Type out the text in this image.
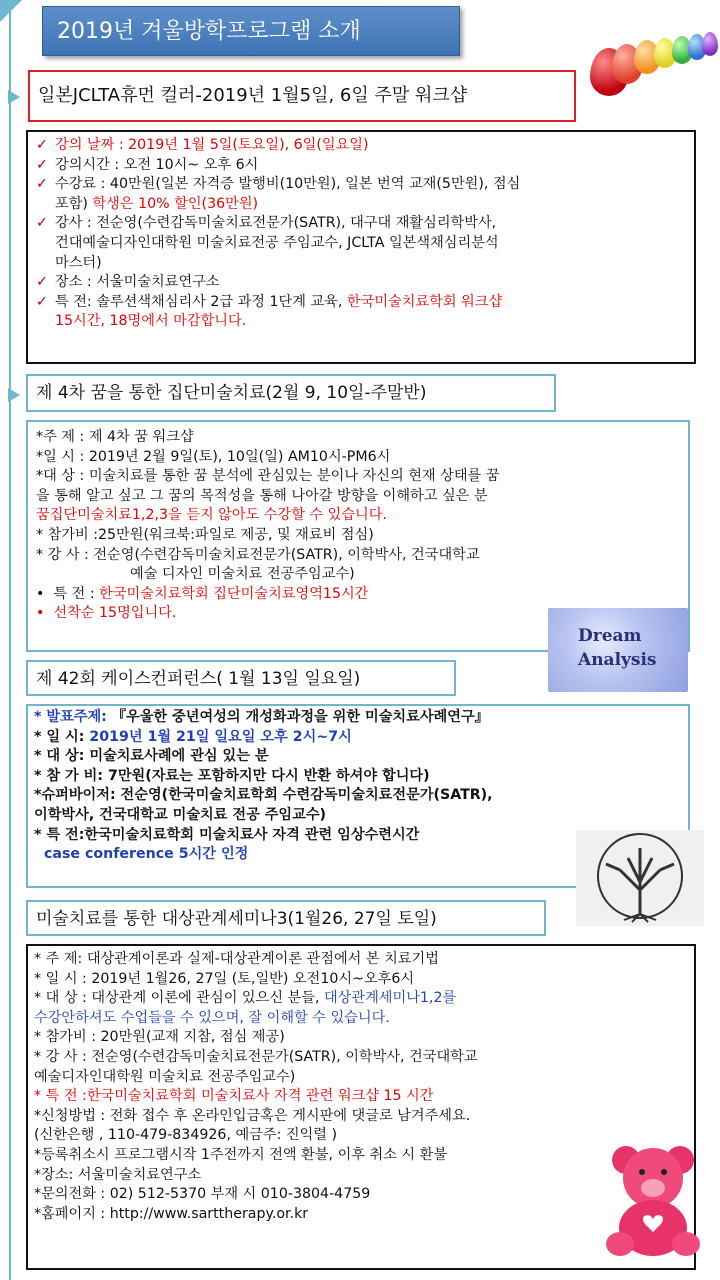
2019년 겨울방학프로그램 소개
일본JCLTA휴먼 컬러-2019년 1월5일, 6일 주말 워크샵
✓ 강의 날짜 : 2019년 1월 5일(토요일), 6일(일요일)
✓ 강의시간 : 오전 10시~ 오후 6시
✓ 수강료 : 40만원(일본 자격증 발행비(10만원), 일본 번역 교재(5만원), 점심
포함) 학생은 10% 할인(36만원)
✓ 강사 : 전순영(수련감독미술치료전문가(SATR), 대구대 재활심리학박사,
건대예술디자인대학원 미술치료전공 주임교수, JCLTA 일본색채심리분석
마스터)
✓ 장소 : 서울미술치료연구소
✓ 특 전: 솔루션색채심리사 2급 과정 1단계 교육, 한국미술치료학회 워크샵
15시간, 18명에서 마감합니다.
제 4차 꿈을 통한 집단미술치료(2월 9, 10일-주말반)
*주 제 : 제 4차 꿈 워크샵
*일 시 : 2019년 2월 9일(토), 10일(일) AM10시-PM6시
*대 상 : 미술치료를 통한 꿈 분석에 관심있는 분이나 자신의 현재 상태를 꿈
을 통해 알고 싶고 그 꿈의 목적성을 통해 나아갈 방향을 이해하고 싶은 분
꿈집단미술치료1,2,3을 듣지 않아도 수강할 수 있습니다.
* 참가비 :25만원(워크북:파일로 제공, 및 재료비 점심)
* 강 사 : 전순영(수련감독미술치료전문가(SATR), 이학박사, 건국대학교
예술 디자인 미술치료 전공주임교수)
•  특 전 : 한국미술치료학회 집단미술치료영역15시간
•  선착순 15명입니다.
Dream
Analysis
제 42회 케이스컨퍼런스( 1월 13일 일요일)
* 발표주제: 『우울한 중년여성의 개성화과정을 위한 미술치료사례연구』
* 일 시: 2019년 1월 21일 일요일 오후 2시~7시
* 대 상: 미술치료사례에 관심 있는 분
* 참 가 비: 7만원(자료는 포함하지만 다시 반환 하셔야 합니다)
*슈퍼바이저: 전순영(한국미술치료학회 수련감독미술치료전문가(SATR),
이학박사, 건국대학교 미술치료 전공 주임교수)
* 특 전:한국미술치료학회 미술치료사 자격 관련 임상수련시간
case conference 5시간 인정
미술치료를 통한 대상관계세미나3(1월26, 27일 토일)
* 주 제: 대상관계이론과 실제-대상관계이론 관점에서 본 치료기법
* 일 시 : 2019년 1월26, 27일 (토,일반) 오전10시~오후6시
* 대 상 : 대상관계 이론에 관심이 있으신 분들, 대상관계세미나1,2를
수강안하셔도 수업들을 수 있으며, 잘 이해할 수 있습니다.
* 참가비 : 20만원(교재 지참, 점심 제공)
* 강 사 : 전순영(수련감독미술치료전문가(SATR), 이학박사, 건국대학교
예술디자인대학원 미술치료 전공주임교수)
* 특 전 :한국미술치료학회 미술치료사 자격 관련 워크샵 15 시간
*신청방법 : 전화 접수 후 온라인입금혹은 게시판에 댓글로 남겨주세요.
(신한은행 , 110-479-834926, 예금주: 진익렬 )
*등록취소시 프로그램시작 1주전까지 전액 환불, 이후 취소 시 환불
*장소: 서울미술치료연구소
*문의전화 : 02) 512-5370 부재 시 010-3804-4759
*홈페이지 : http://www.sarttherapy.or.kr
